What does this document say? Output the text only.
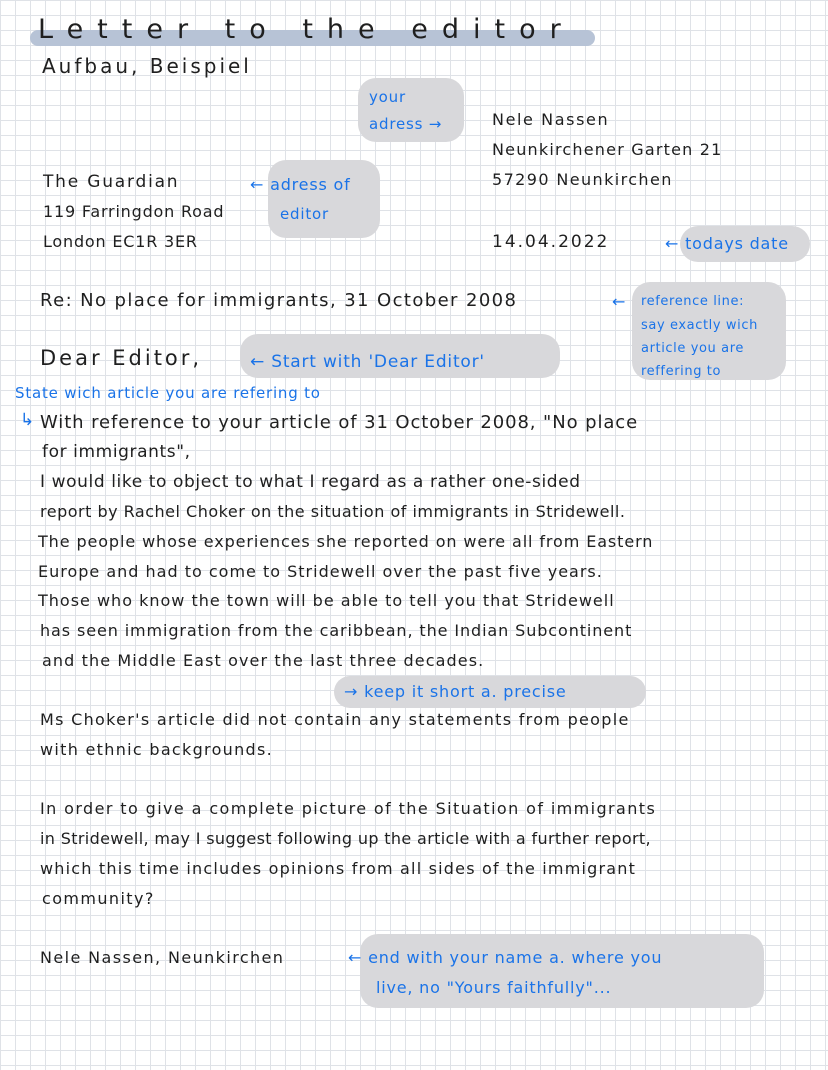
Letter to the editor
Aufbau, Beispiel
your
adress →	Nele Nassen
Neunkirchener Garten 21
57290 Neunkirchen
The Guardian
119 Farringdon Road
London EC1R 3ER
← adress of
editor
14.04.2022	← todays date
Re: No place for immigrants, 31 October 2008	← reference line:
say exactly wich
article you are
reffering to
Dear Editor,	← Start with 'Dear Editor'
State wich article you are refering to
↳ With reference to your article of 31 October 2008, "No place
for immigrants",
I would like to object to what I regard as a rather one-sided
report by Rachel Choker on the situation of immigrants in Stridewell.
The people whose experiences she reported on were all from Eastern
Europe and had to come to Stridewell over the past five years.
Those who know the town will be able to tell you that Stridewell
has seen immigration from the caribbean, the Indian Subcontinent
and the Middle East over the last three decades.
→ keep it short a. precise
Ms Choker's article did not contain any statements from people
with ethnic backgrounds.
In order to give a complete picture of the Situation of immigrants
in Stridewell, may I suggest following up the article with a further report,
which this time includes opinions from all sides of the immigrant
community?
Nele Nassen, Neunkirchen	← end with your name a. where you
live, no "Yours faithfully"...
